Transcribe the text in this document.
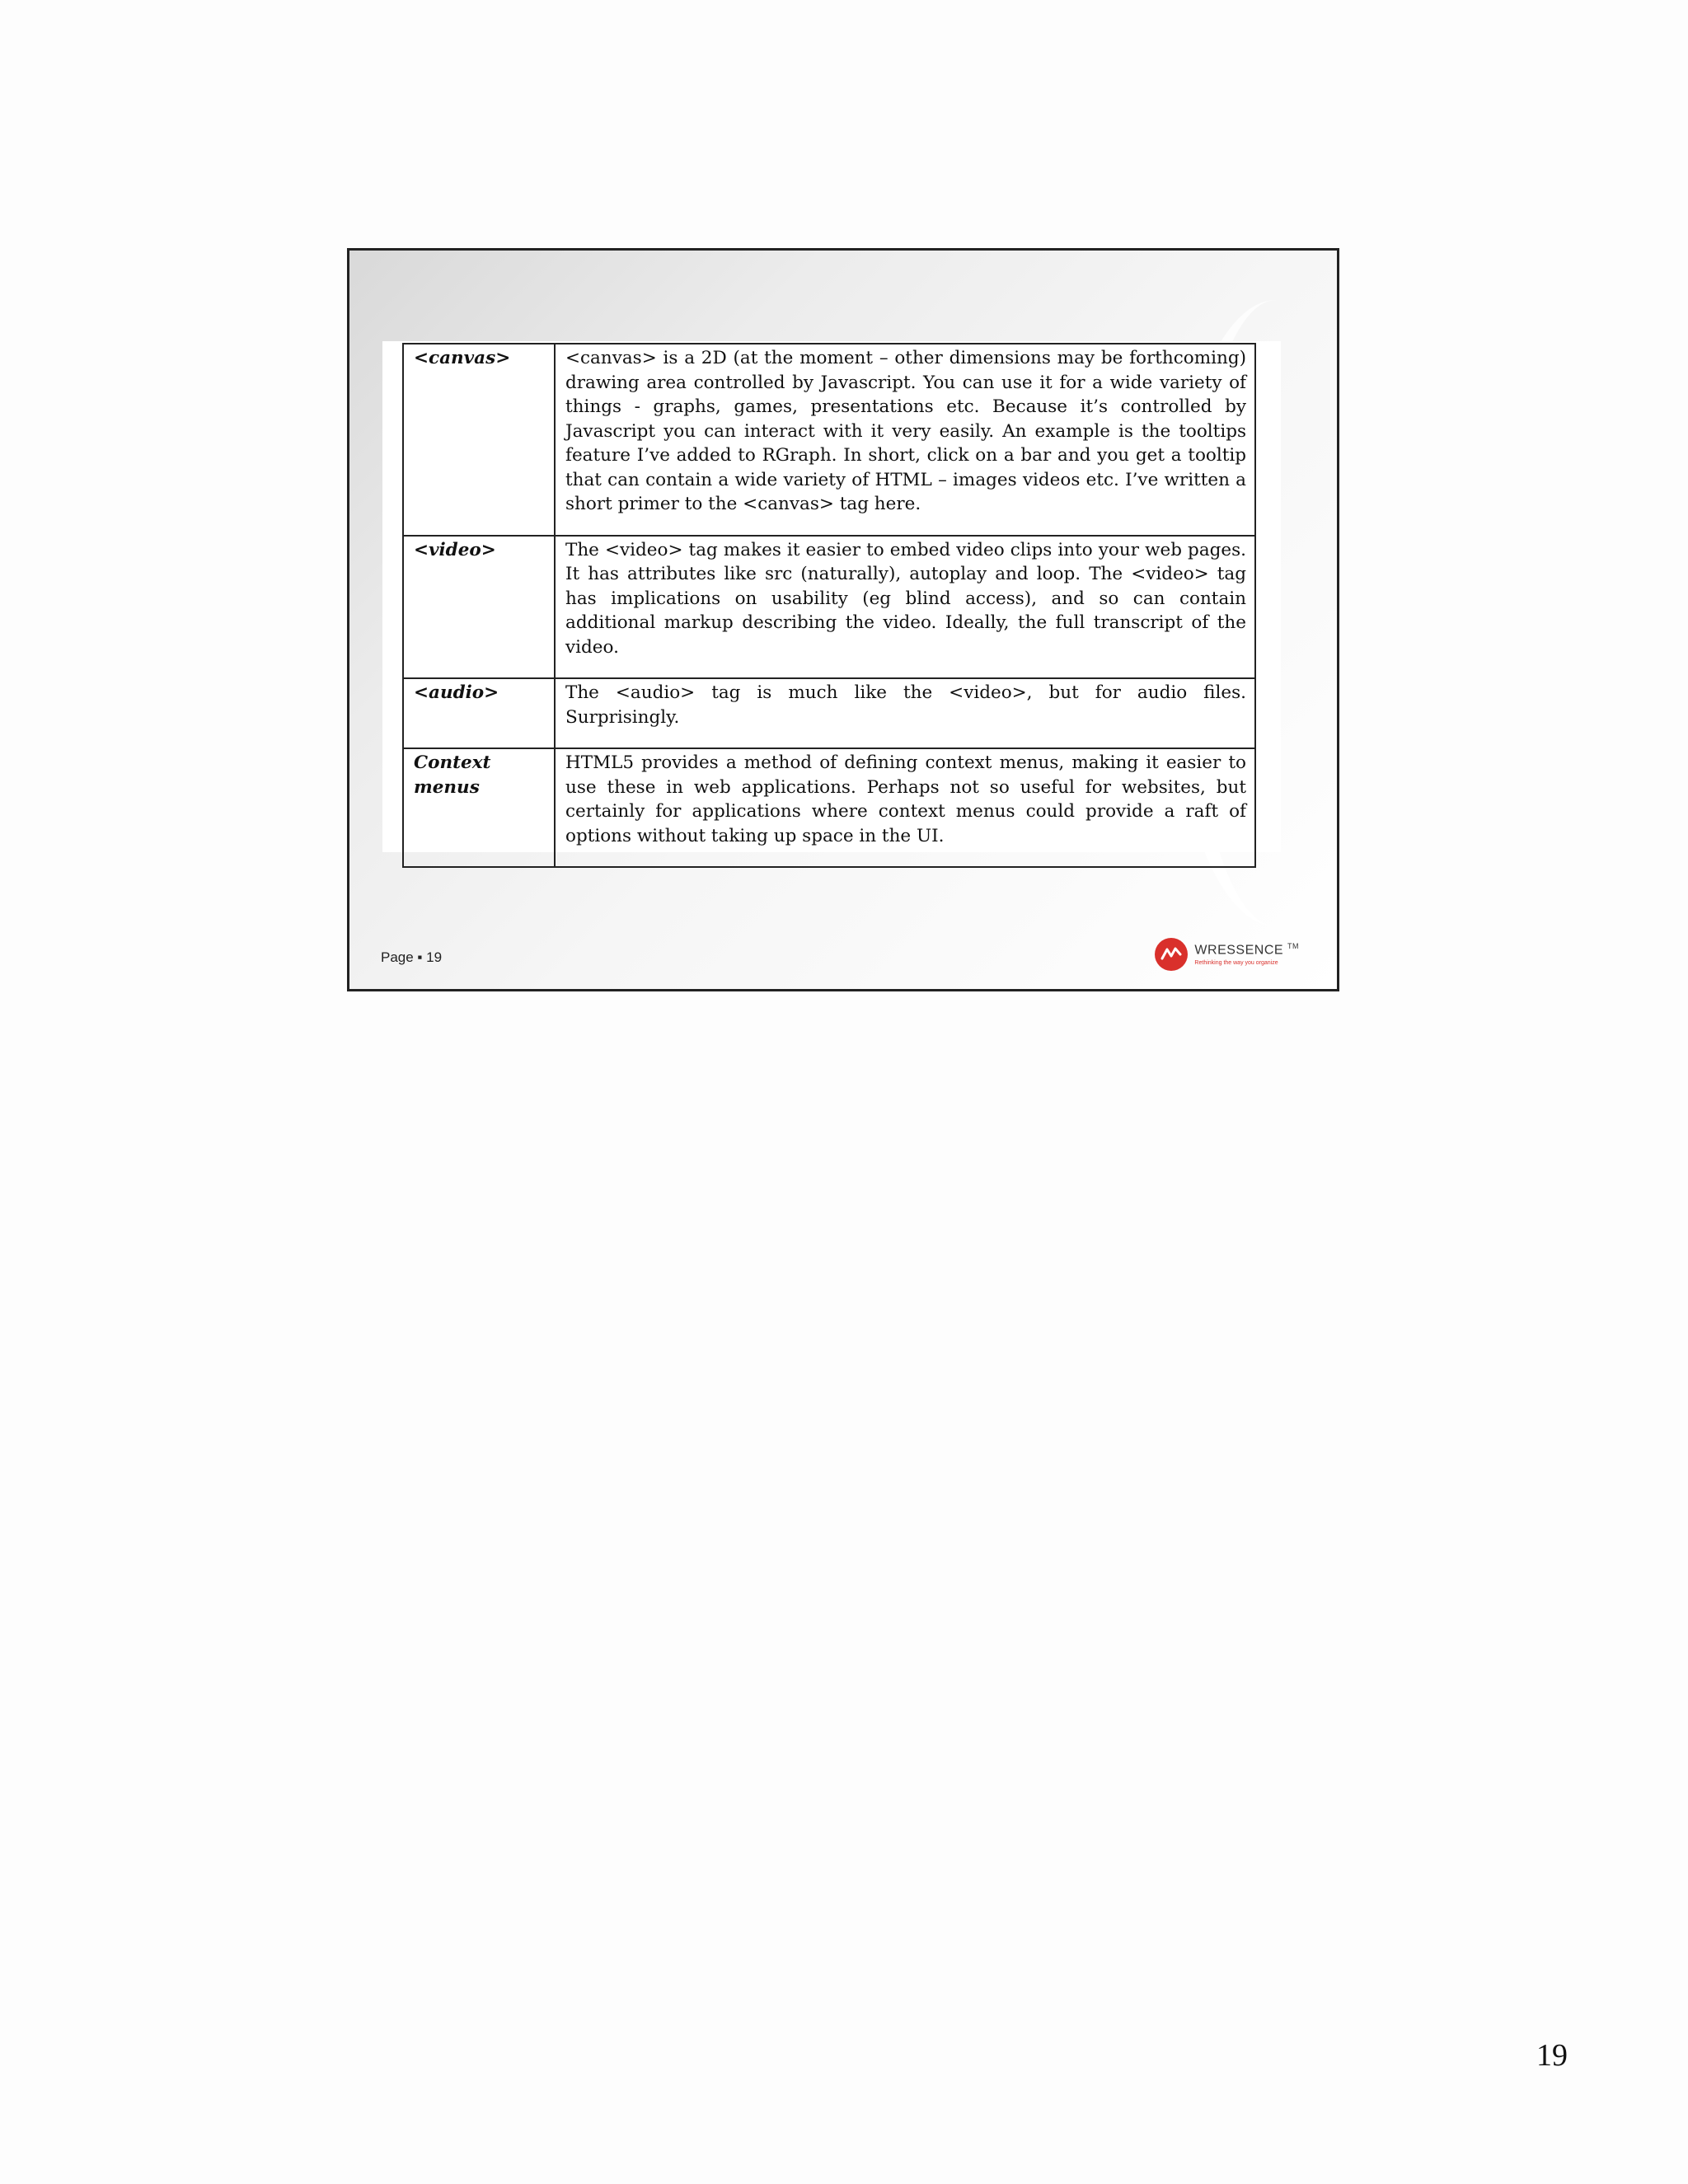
<canvas>	<canvas> is a 2D (at the moment – other dimensions may be forthcoming) drawing area controlled by Javascript. You can use it for a wide variety of things - graphs, games, presentations etc. Because it’s controlled by Javascript you can interact with it very easily. An example is the tooltips feature I’ve added to RGraph. In short, click on a bar and you get a tooltip that can contain a wide variety of HTML – images videos etc. I’ve written a short primer to the <canvas> tag here.
<video>	The <video> tag makes it easier to embed video clips into your web pages. It has attributes like src (naturally), autoplay and loop. The <video> tag has implications on usability (eg blind access), and so can contain additional markup describing the video. Ideally, the full transcript of the video.
<audio>	The <audio> tag is much like the <video>, but for audio files. Surprisingly.
Context menus	HTML5 provides a method of defining context menus, making it easier to use these in web applications. Perhaps not so useful for websites, but certainly for applications where context menus could provide a raft of options without taking up space in the UI.
Page ▪ 19	WRESSENCE ™
Rethinking the way you organize
19
